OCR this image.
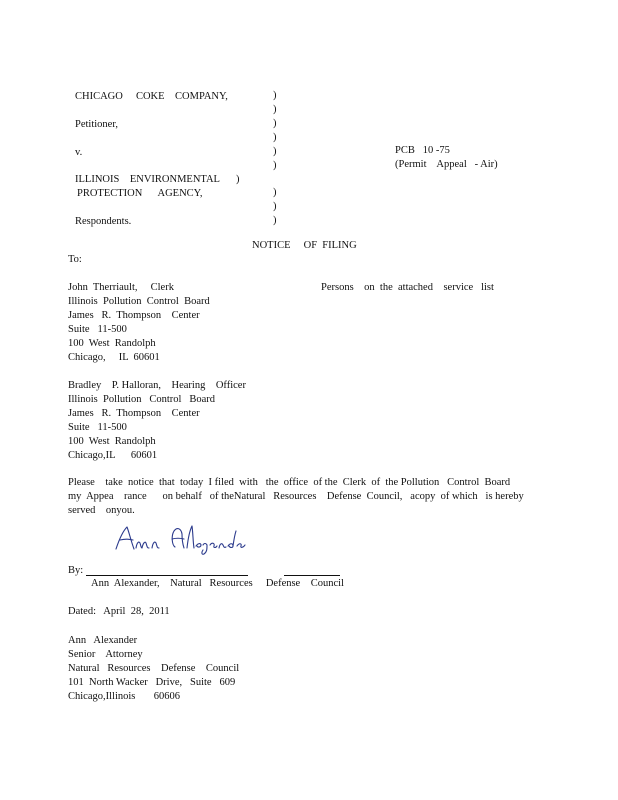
CHICAGO     COKE    COMPANY,
Petitioner,
v.
ILLINOIS    ENVIRONMENTAL )
PROTECTION      AGENCY,
Respondents.
)
)
)
)
)
)
)
)
)
PCB   10 -75
(Permit    Appeal   - Air)
NOTICE     OF  FILING
To:
John  Therriault,     Clerk
Illinois  Pollution  Control  Board
James   R.  Thompson    Center
Suite   11-500
100  West  Randolph
Chicago,     IL  60601
Persons    on  the  attached    service   list
Bradley    P. Halloran,    Hearing    Officer
Illinois  Pollution   Control   Board
James   R.  Thompson    Center
Suite   11-500
100  West  Randolph
Chicago,IL      60601
Please    take  notice  that  today  I filed  with   the  office  of the  Clerk  of  the Pollution   Control  Board
my  Appea    rance      on behalf   of theNatural   Resources    Defense  Council,   acopy  of which   is hereby
served    onyou.
By:
Ann  Alexander,    Natural   Resources     Defense    Council
Dated:   April  28,  2011
Ann   Alexander
Senior    Attorney
Natural   Resources    Defense    Council
101  North Wacker   Drive,   Suite   609
Chicago,Illinois       60606
